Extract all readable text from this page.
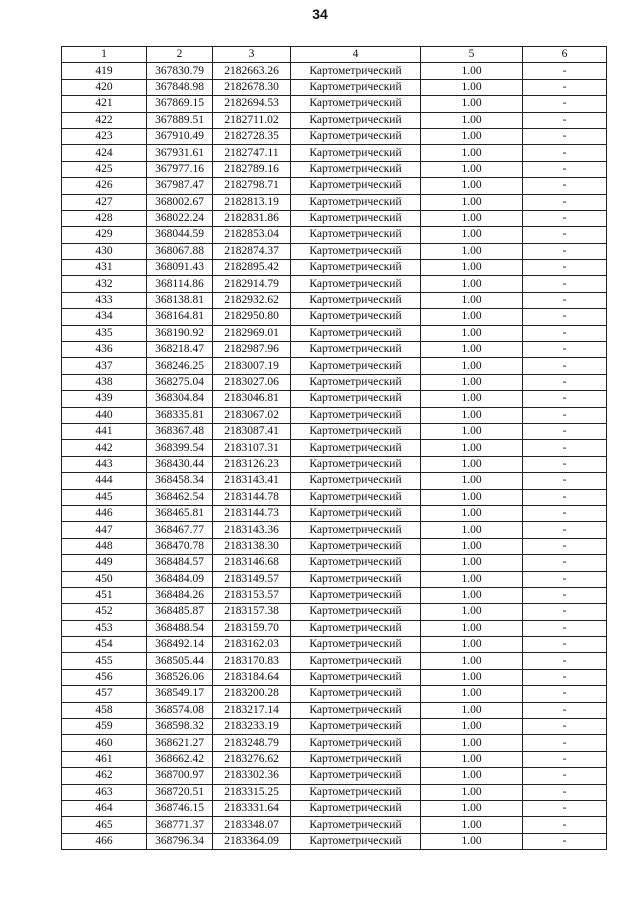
34
1	2	3	4	5	6
419	367830.79	2182663.26	Картометрический	1.00	-
420	367848.98	2182678.30	Картометрический	1.00	-
421	367869.15	2182694.53	Картометрический	1.00	-
422	367889.51	2182711.02	Картометрический	1.00	-
423	367910.49	2182728.35	Картометрический	1.00	-
424	367931.61	2182747.11	Картометрический	1.00	-
425	367977.16	2182789.16	Картометрический	1.00	-
426	367987.47	2182798.71	Картометрический	1.00	-
427	368002.67	2182813.19	Картометрический	1.00	-
428	368022.24	2182831.86	Картометрический	1.00	-
429	368044.59	2182853.04	Картометрический	1.00	-
430	368067.88	2182874.37	Картометрический	1.00	-
431	368091.43	2182895.42	Картометрический	1.00	-
432	368114.86	2182914.79	Картометрический	1.00	-
433	368138.81	2182932.62	Картометрический	1.00	-
434	368164.81	2182950.80	Картометрический	1.00	-
435	368190.92	2182969.01	Картометрический	1.00	-
436	368218.47	2182987.96	Картометрический	1.00	-
437	368246.25	2183007.19	Картометрический	1.00	-
438	368275.04	2183027.06	Картометрический	1.00	-
439	368304.84	2183046.81	Картометрический	1.00	-
440	368335.81	2183067.02	Картометрический	1.00	-
441	368367.48	2183087.41	Картометрический	1.00	-
442	368399.54	2183107.31	Картометрический	1.00	-
443	368430.44	2183126.23	Картометрический	1.00	-
444	368458.34	2183143.41	Картометрический	1.00	-
445	368462.54	2183144.78	Картометрический	1.00	-
446	368465.81	2183144.73	Картометрический	1.00	-
447	368467.77	2183143.36	Картометрический	1.00	-
448	368470.78	2183138.30	Картометрический	1.00	-
449	368484.57	2183146.68	Картометрический	1.00	-
450	368484.09	2183149.57	Картометрический	1.00	-
451	368484.26	2183153.57	Картометрический	1.00	-
452	368485.87	2183157.38	Картометрический	1.00	-
453	368488.54	2183159.70	Картометрический	1.00	-
454	368492.14	2183162.03	Картометрический	1.00	-
455	368505.44	2183170.83	Картометрический	1.00	-
456	368526.06	2183184.64	Картометрический	1.00	-
457	368549.17	2183200.28	Картометрический	1.00	-
458	368574.08	2183217.14	Картометрический	1.00	-
459	368598.32	2183233.19	Картометрический	1.00	-
460	368621.27	2183248.79	Картометрический	1.00	-
461	368662.42	2183276.62	Картометрический	1.00	-
462	368700.97	2183302.36	Картометрический	1.00	-
463	368720.51	2183315.25	Картометрический	1.00	-
464	368746.15	2183331.64	Картометрический	1.00	-
465	368771.37	2183348.07	Картометрический	1.00	-
466	368796.34	2183364.09	Картометрический	1.00	-
